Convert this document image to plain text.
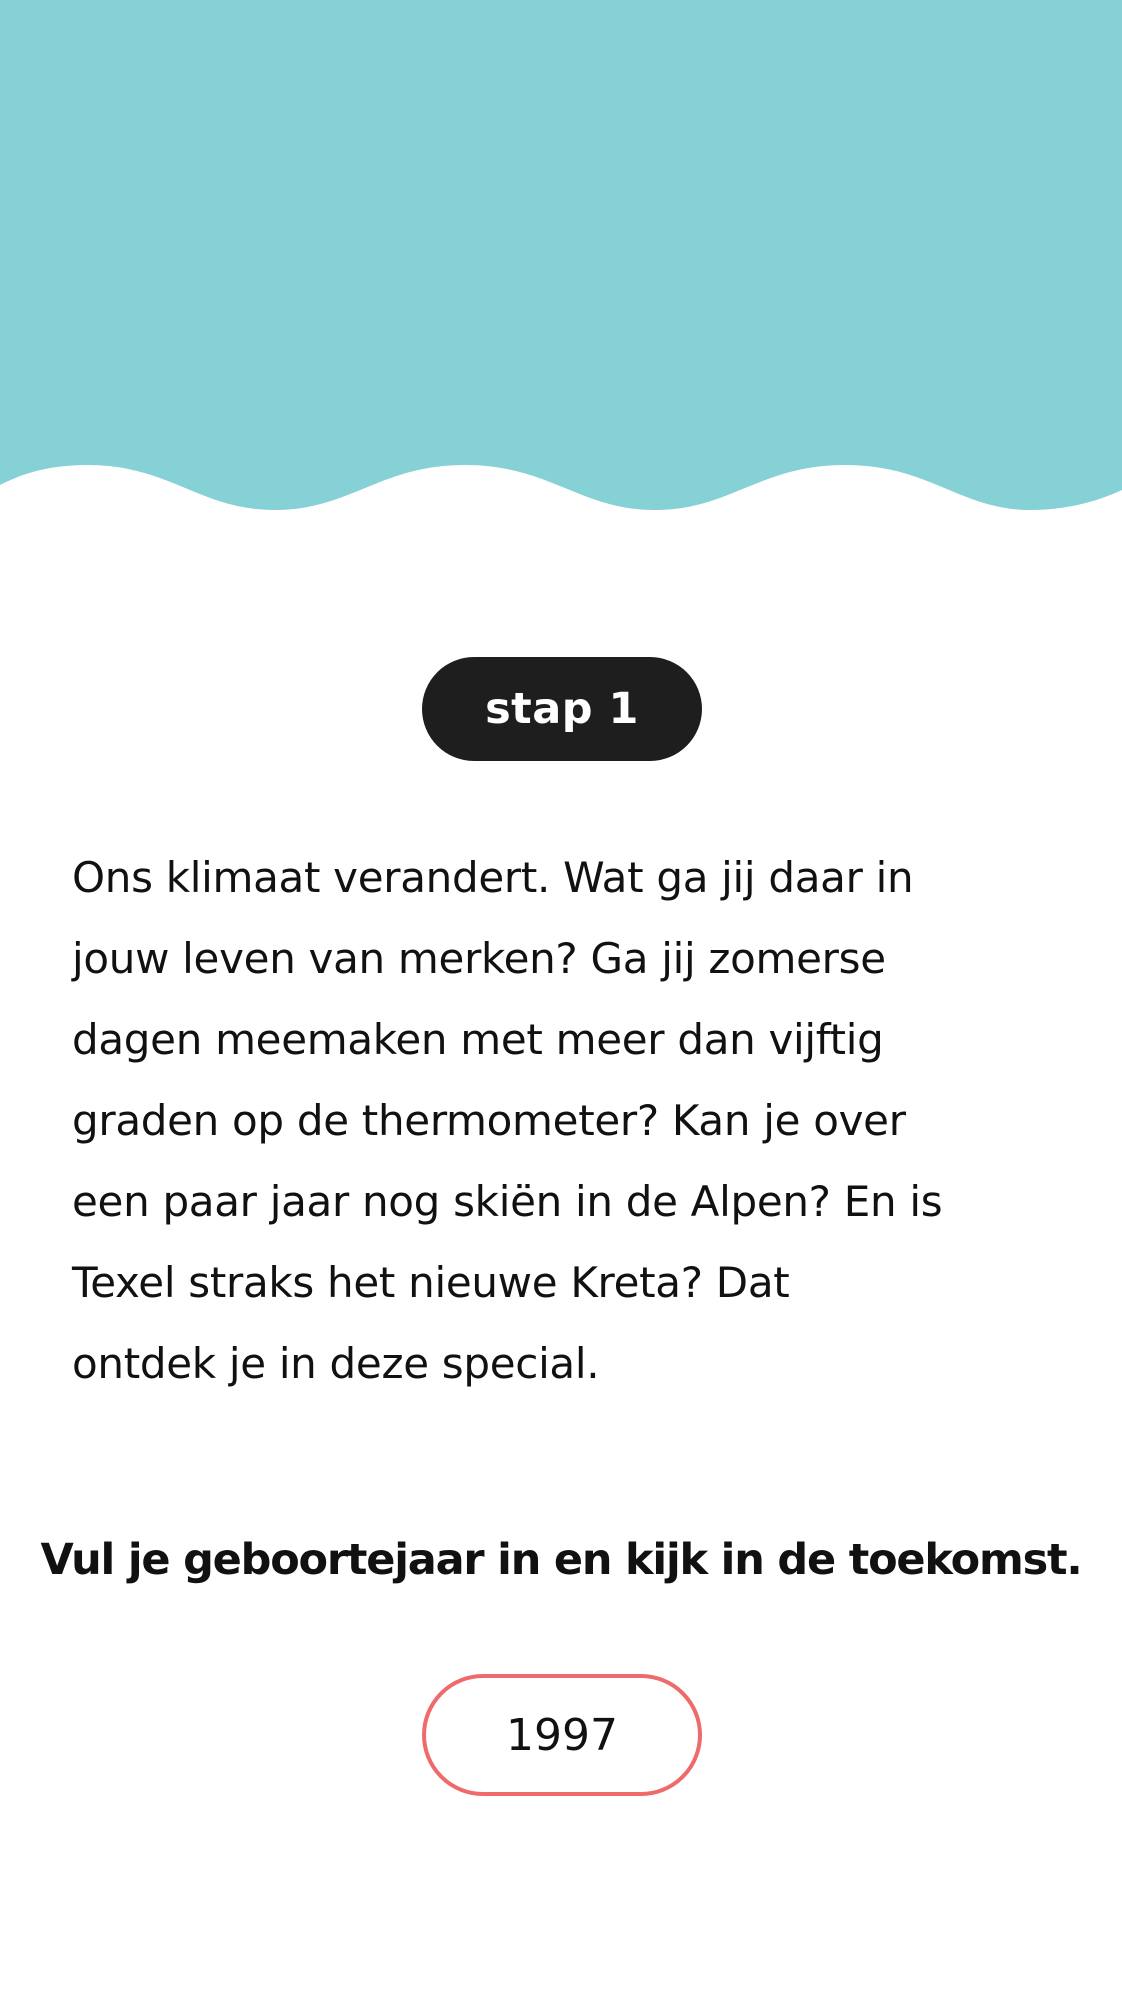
stap 1

Ons klimaat verandert. Wat ga jij daar in
jouw leven van merken? Ga jij zomerse
dagen meemaken met meer dan vijftig
graden op de thermometer? Kan je over
een paar jaar nog skiën in de Alpen? En is
Texel straks het nieuwe Kreta? Dat
ontdek je in deze special.

Vul je geboortejaar in en kijk in de toekomst.

1997
